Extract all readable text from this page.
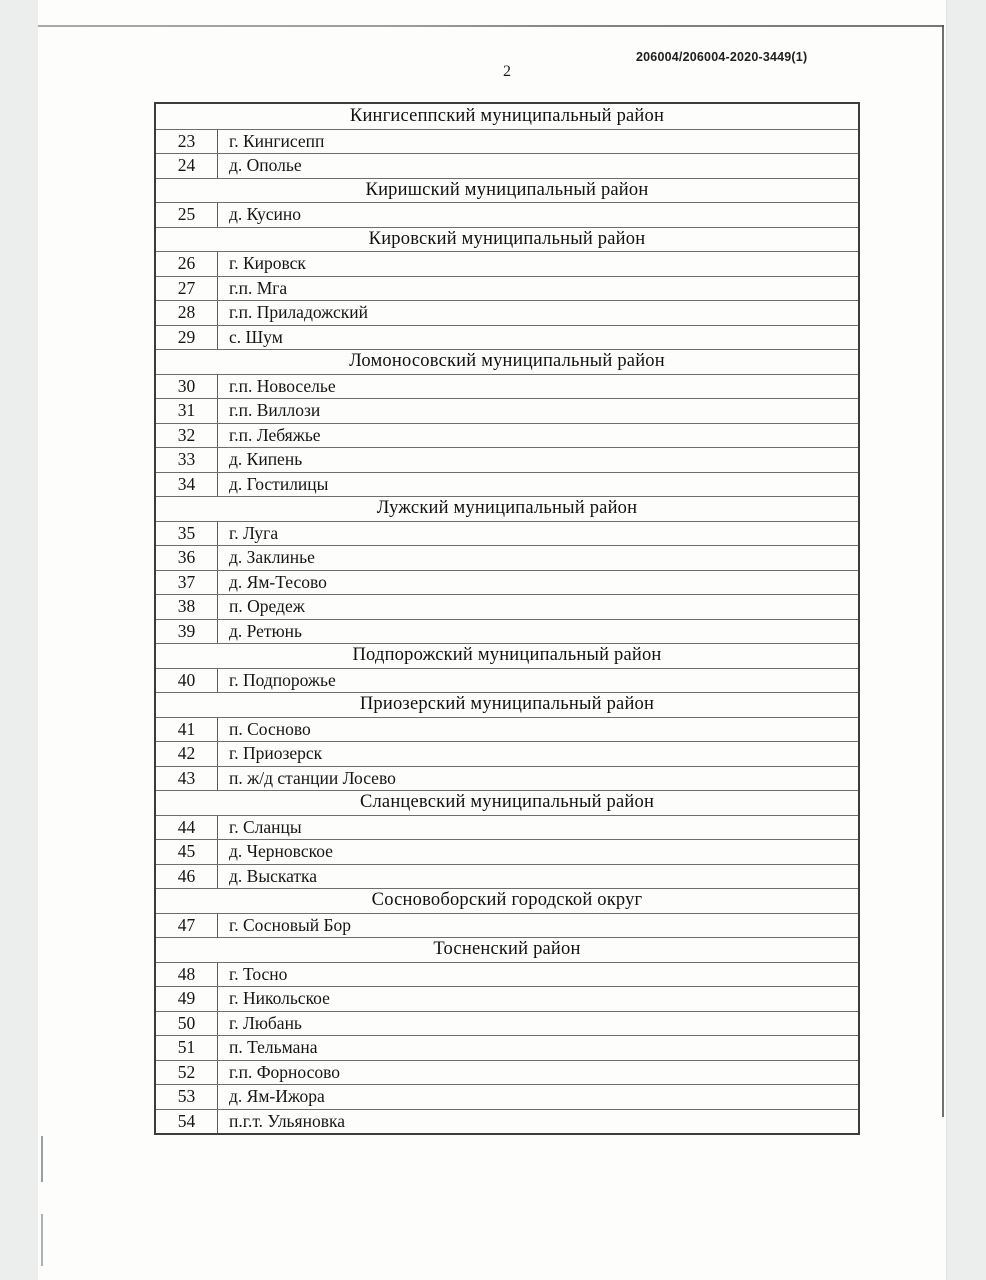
206004/206004-2020-3449(1)
2
Кингисеппский муниципальный район
23	г. Кингисепп
24	д. Ополье
Киришский муниципальный район
25	д. Кусино
Кировский муниципальный район
26	г. Кировск
27	г.п. Мга
28	г.п. Приладожский
29	с. Шум
Ломоносовский муниципальный район
30	г.п. Новоселье
31	г.п. Виллози
32	г.п. Лебяжье
33	д. Кипень
34	д. Гостилицы
Лужский муниципальный район
35	г. Луга
36	д. Заклинье
37	д. Ям-Тесово
38	п. Оредеж
39	д. Ретюнь
Подпорожский муниципальный район
40	г. Подпорожье
Приозерский муниципальный район
41	п. Сосново
42	г. Приозерск
43	п. ж/д станции Лосево
Сланцевский муниципальный район
44	г. Сланцы
45	д. Черновское
46	д. Выскатка
Сосновоборский городской округ
47	г. Сосновый Бор
Тосненский район
48	г. Тосно
49	г. Никольское
50	г. Любань
51	п. Тельмана
52	г.п. Форносово
53	д. Ям-Ижора
54	п.г.т. Ульяновка
